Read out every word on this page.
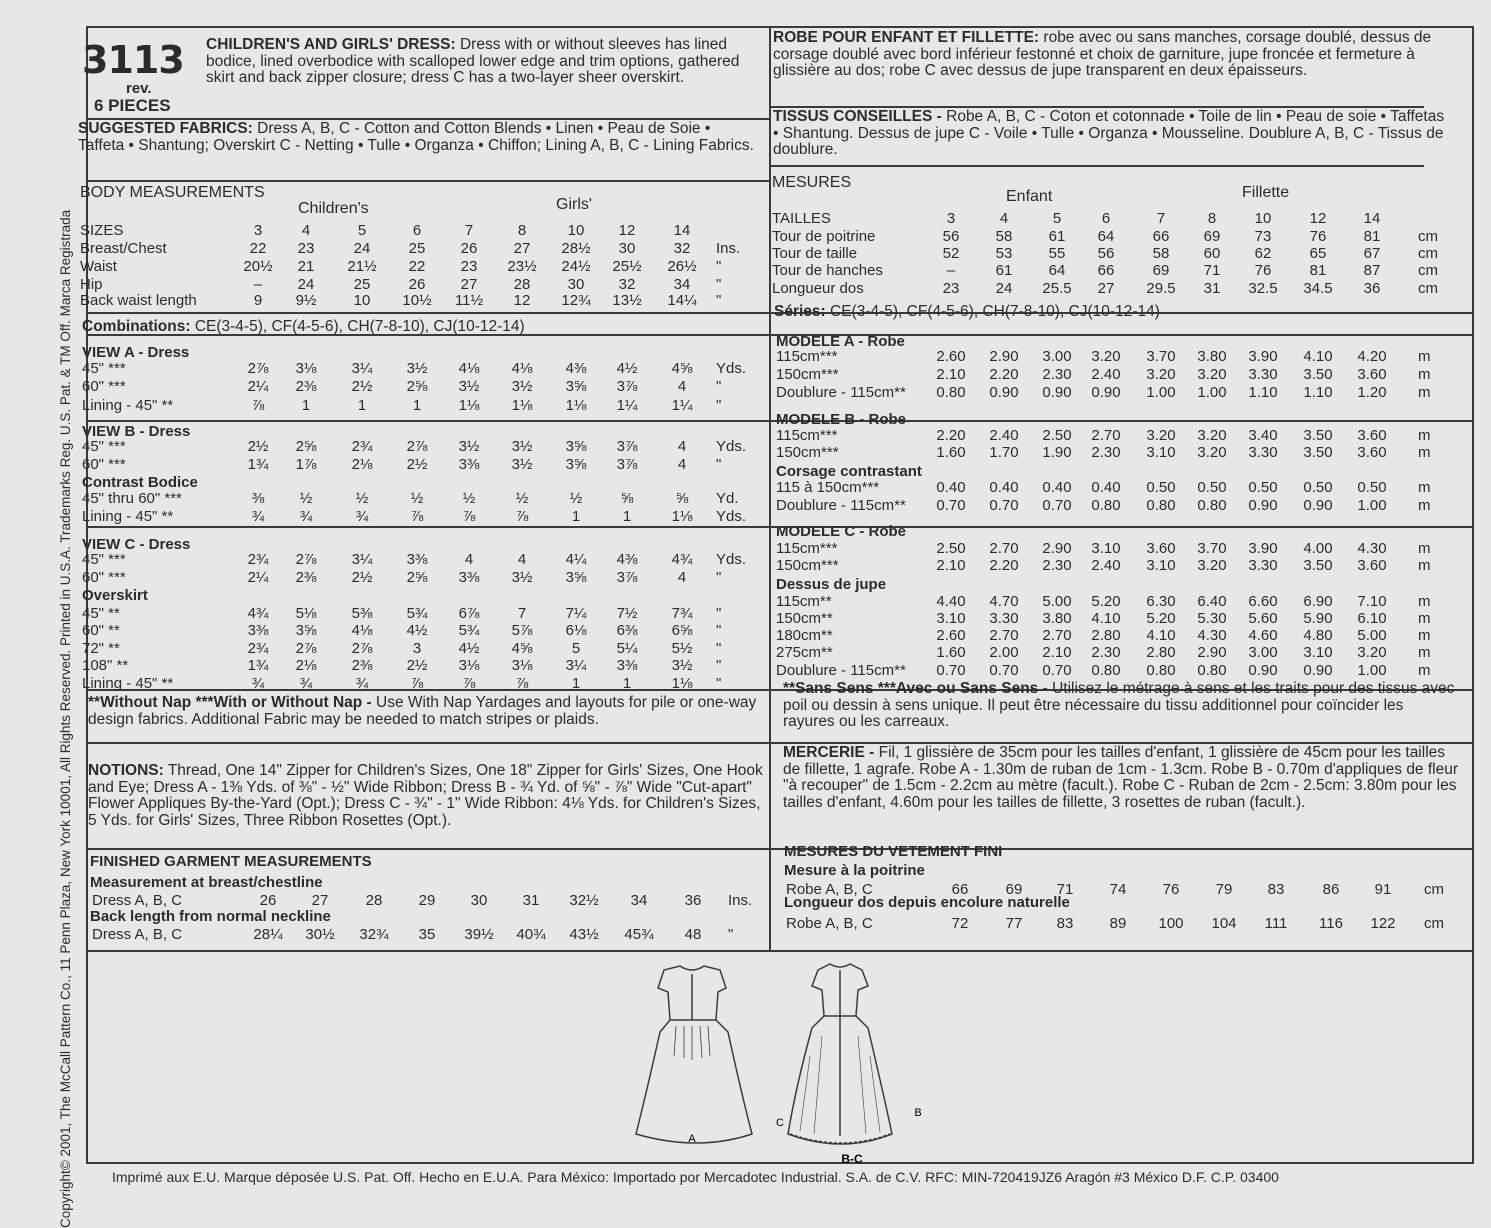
Copyright© 2001, The McCall Pattern Co., 11 Penn Plaza, New York 10001, All Rights Reserved. Printed in U.S.A. Trademarks Reg. U.S. Pat. & TM Off. Marca Registrada
3113
rev.
6 PIECES
CHILDREN'S AND GIRLS' DRESS: Dress with or without sleeves has lined bodice, lined overbodice with scalloped lower edge and trim options, gathered skirt and back zipper closure; dress C has a two-layer sheer overskirt.
ROBE POUR ENFANT ET FILLETTE: robe avec ou sans manches, corsage doublé, dessus de corsage doublé avec bord inférieur festonné et choix de garniture, jupe froncée et fermeture à glissière au dos; robe C avec dessus de jupe transparent en deux épaisseurs.
SUGGESTED FABRICS: Dress A, B, C - Cotton and Cotton Blends • Linen • Peau de Soie • Taffeta • Shantung; Overskirt C - Netting • Tulle • Organza • Chiffon; Lining A, B, C - Lining Fabrics.
TISSUS CONSEILLES - Robe A, B, C - Coton et cotonnade • Toile de lin • Peau de soie • Taffetas • Shantung. Dessus de jupe C - Voile • Tulle • Organza • Mousseline. Doublure A, B, C - Tissus de doublure.
BODY MEASUREMENTS
Children's	Girls'
MESURES
Enfant	Fillette
Combinations: CE(3-4-5), CF(4-5-6), CH(7-8-10), CJ(10-12-14)
Séries: CE(3-4-5), CF(4-5-6), CH(7-8-10), CJ(10-12-14)
**Without Nap ***With or Without Nap - Use With Nap Yardages and layouts for pile or one-way design fabrics. Additional Fabric may be needed to match stripes or plaids.
**Sans Sens ***Avec ou Sans Sens - Utilisez le métrage à sens et les traits pour des tissus avec poil ou dessin à sens unique. Il peut être nécessaire du tissu additionnel pour coïncider les rayures ou les carreaux.
NOTIONS: Thread, One 14" Zipper for Children's Sizes, One 18" Zipper for Girls' Sizes, One Hook and Eye; Dress A - 1⅜ Yds. of ⅜" - ½" Wide Ribbon; Dress B - ¾ Yd. of ⅝" - ⅞" Wide "Cut-apart" Flower Appliques By-the-Yard (Opt.); Dress C - ¾" - 1" Wide Ribbon: 4⅛ Yds. for Children's Sizes, 5 Yds. for Girls' Sizes, Three Ribbon Rosettes (Opt.).
MERCERIE - Fil, 1 glissière de 35cm pour les tailles d'enfant, 1 glissière de 45cm pour les tailles de fillette, 1 agrafe. Robe A - 1.30m de ruban de 1cm - 1.3cm. Robe B - 0.70m d'appliques de fleur "à recouper" de 1.5cm - 2.2cm au mètre (facult.). Robe C - Ruban de 2cm - 2.5cm: 3.80m pour les tailles d'enfant, 4.60m pour les tailles de fillette, 3 rosettes de ruban (facult.).
FINISHED GARMENT MEASUREMENTS
Measurement at breast/chestline
Back length from normal neckline
MESURES DU VETEMENT FINI
Mesure à la poitrine
Longueur dos depuis encolure naturelle
SIZES	3	4	5	6	7	8	10	12	14
Breast/Chest	22	23	24	25	26	27	28½	30	32	Ins.
Waist	20½	21	21½	22	23	23½	24½	25½	26½	"
Hip	–	24	25	26	27	28	30	32	34	"
Back waist length	9	9½	10	10½	11½	12	12¾	13½	14¼	"
TAILLES	3	4	5	6	7	8	10	12	14
Tour de poitrine	56	58	61	64	66	69	73	76	81	cm
Tour de taille	52	53	55	56	58	60	62	65	67	cm
Tour de hanches	–	61	64	66	69	71	76	81	87	cm
Longueur dos	23	24	25.5	27	29.5	31	32.5	34.5	36	cm
VIEW A - Dress
45" ***	2⅞	3⅛	3¼	3½	4⅛	4⅛	4⅜	4½	4⅝	Yds.
60" ***	2¼	2⅜	2½	2⅝	3½	3½	3⅝	3⅞	4	"
Lining - 45" **	⅞	1	1	1	1⅛	1⅛	1⅛	1¼	1¼	"
VIEW B - Dress
45" ***	2½	2⅝	2¾	2⅞	3½	3½	3⅝	3⅞	4	Yds.
60" ***	1¾	1⅞	2⅛	2½	3⅜	3½	3⅝	3⅞	4	"
Contrast Bodice
45" thru 60" ***	⅜	½	½	½	½	½	½	⅝	⅝	Yd.
Lining - 45" **	¾	¾	¾	⅞	⅞	⅞	1	1	1⅛	Yds.
VIEW C - Dress
45" ***	2¾	2⅞	3¼	3⅜	4	4	4¼	4⅜	4¾	Yds.
60" ***	2¼	2⅜	2½	2⅝	3⅜	3½	3⅝	3⅞	4	"
Overskirt
45" **	4¾	5⅛	5⅜	5¾	6⅞	7	7¼	7½	7¾	"
60" **	3⅜	3⅝	4⅛	4½	5¾	5⅞	6⅛	6⅜	6⅝	"
72" **	2¾	2⅞	2⅞	3	4½	4⅝	5	5¼	5½	"
108" **	1¾	2⅛	2⅜	2½	3⅛	3⅛	3¼	3⅜	3½	"
Lining - 45" **	¾	¾	¾	⅞	⅞	⅞	1	1	1⅛	"
MODELE A - Robe
115cm***	2.60	2.90	3.00	3.20	3.70	3.80	3.90	4.10	4.20	m
150cm***	2.10	2.20	2.30	2.40	3.20	3.20	3.30	3.50	3.60	m
Doublure - 115cm**	0.80	0.90	0.90	0.90	1.00	1.00	1.10	1.10	1.20	m
MODELE B - Robe
115cm***	2.20	2.40	2.50	2.70	3.20	3.20	3.40	3.50	3.60	m
150cm***	1.60	1.70	1.90	2.30	3.10	3.20	3.30	3.50	3.60	m
Corsage contrastant
115 à 150cm***	0.40	0.40	0.40	0.40	0.50	0.50	0.50	0.50	0.50	m
Doublure - 115cm**	0.70	0.70	0.70	0.80	0.80	0.80	0.90	0.90	1.00	m
MODELE C - Robe
115cm***	2.50	2.70	2.90	3.10	3.60	3.70	3.90	4.00	4.30	m
150cm***	2.10	2.20	2.30	2.40	3.10	3.20	3.30	3.50	3.60	m
Dessus de jupe
115cm**	4.40	4.70	5.00	5.20	6.30	6.40	6.60	6.90	7.10	m
150cm**	3.10	3.30	3.80	4.10	5.20	5.30	5.60	5.90	6.10	m
180cm**	2.60	2.70	2.70	2.80	4.10	4.30	4.60	4.80	5.00	m
275cm**	1.60	2.00	2.10	2.30	2.80	2.90	3.00	3.10	3.20	m
Doublure - 115cm**	0.70	0.70	0.70	0.80	0.80	0.80	0.90	0.90	1.00	m
Dress A, B, C	26	27	28	29	30	31	32½	34	36	Ins.
Dress A, B, C	28¼	30½	32¾	35	39½	40¾	43½	45¾	48	"
Robe A, B, C	66	69	71	74	76	79	83	86	91	cm
Robe A, B, C	72	77	83	89	100	104	111	116	122	cm
A
C
B
B-C
Imprimé aux E.U. Marque déposée U.S. Pat. Off. Hecho en E.U.A. Para México: Importado por Mercadotec Industrial. S.A. de C.V. RFC: MIN-720419JZ6 Aragón #3 México D.F. C.P. 03400
